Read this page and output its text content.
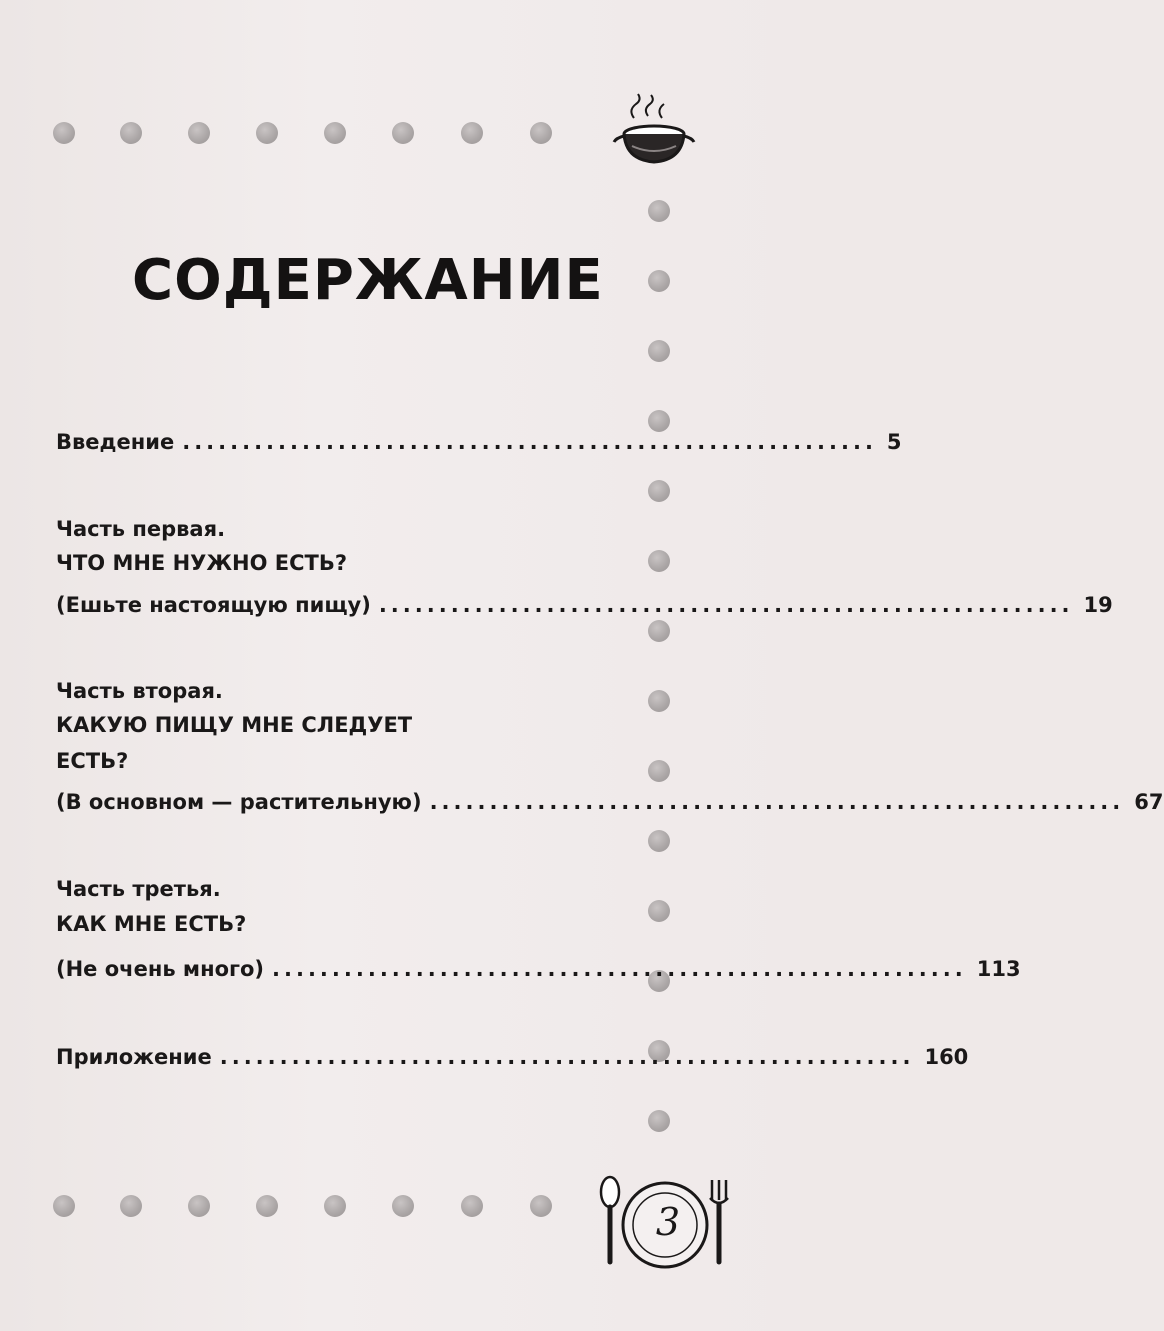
СОДЕРЖАНИЕ
Введение .......................................................... 5
Часть первая.
ЧТО МНЕ НУЖНО ЕСТЬ?
(Ешьте настоящую пищу) .......................................................... 19
Часть вторая.
КАКУЮ ПИЩУ МНЕ СЛЕДУЕТ
ЕСТЬ?
(В основном — растительную) .......................................................... 67
Часть третья.
КАК МНЕ ЕСТЬ?
(Не очень много) .......................................................... 113
Приложение .......................................................... 160
3
